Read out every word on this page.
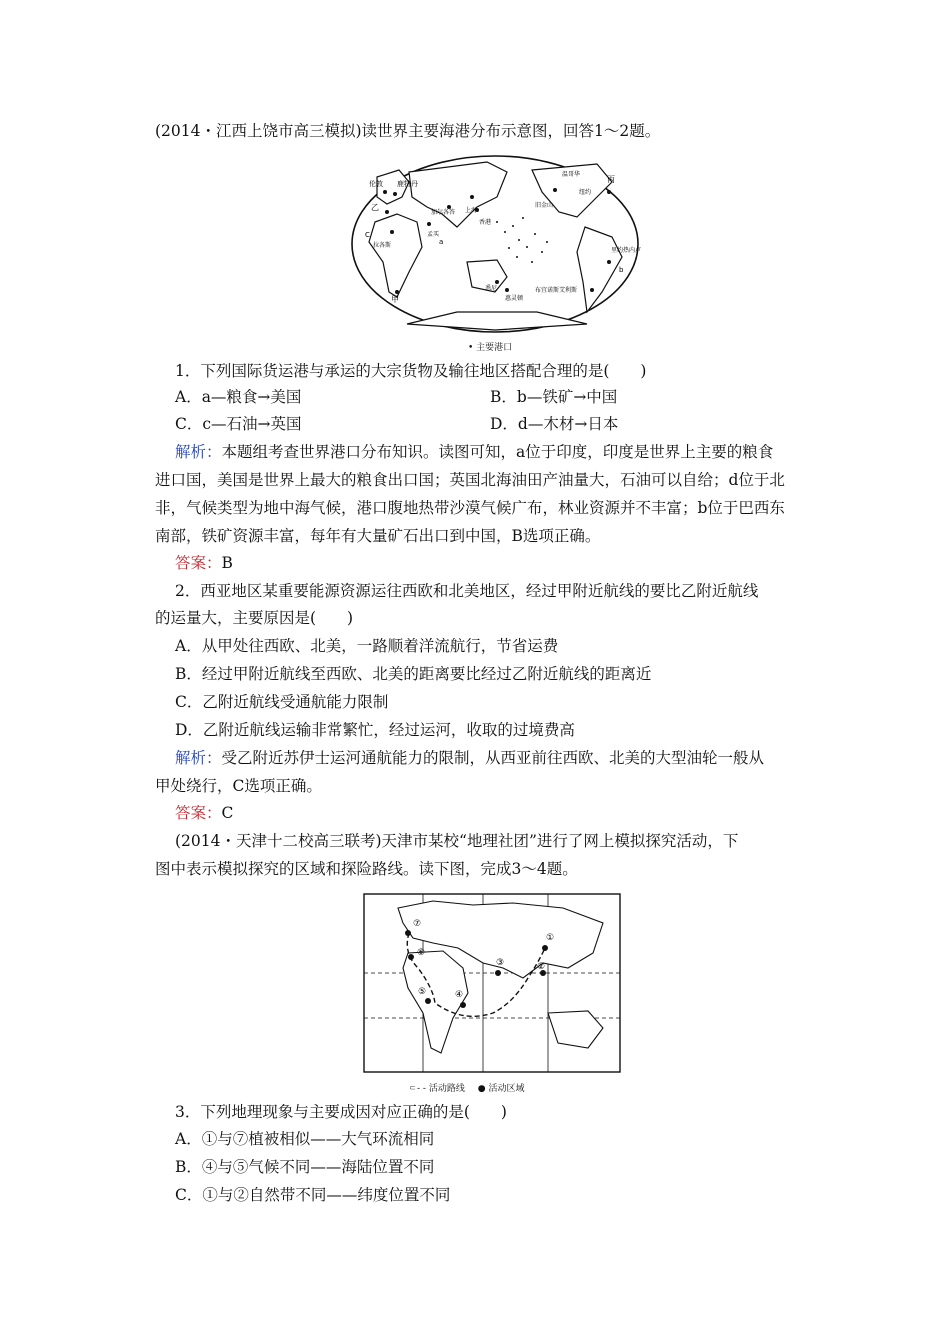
(2014・江西上饶市高三模拟)读世界主要海港分布示意图，回答1～2题。
伦敦 鹿特丹
乙
C
拉各斯
加尔各答 上海
香港
孟买
旧金山
温哥华
纽约
丙
里约热内卢
b
a
甲
悉尼
惠灵顿
布宜诺斯艾利斯
• 主要港口
1．下列国际货运港与承运的大宗货物及输往地区搭配合理的是(　　)
A．a—粮食→美国	B．b—铁矿→中国
C．c—石油→英国	D．d—木材→日本
解析：本题组考查世界港口分布知识。读图可知，a位于印度，印度是世界上主要的粮食
进口国，美国是世界上最大的粮食出口国；英国北海油田产油量大，石油可以自给；d位于北
非，气候类型为地中海气候，港口腹地热带沙漠气候广布，林业资源并不丰富；b位于巴西东
南部，铁矿资源丰富，每年有大量矿石出口到中国，B选项正确。
答案：B
2．西亚地区某重要能源资源运往西欧和北美地区，经过甲附近航线的要比乙附近航线
的运量大，主要原因是(　　)
A．从甲处往西欧、北美，一路顺着洋流航行，节省运费
B．经过甲附近航线至西欧、北美的距离要比经过乙附近航线的距离近
C．乙附近航线受通航能力限制
D．乙附近航线运输非常繁忙，经过运河，收取的过境费高
解析：受乙附近苏伊士运河通航能力的限制，从西亚前往西欧、北美的大型油轮一般从
甲处绕行，C选项正确。
答案：C
(2014・天津十二校高三联考)天津市某校“地理社团”进行了网上模拟探究活动，下
图中表示模拟探究的区域和探险路线。读下图，完成3～4题。
①
②
③
④
⑤
⑥
⑦
⸦- - 活动路线 ● 活动区域
3．下列地理现象与主要成因对应正确的是(　　)
A．①与⑦植被相似——大气环流相同
B．④与⑤气候不同——海陆位置不同
C．①与②自然带不同——纬度位置不同
